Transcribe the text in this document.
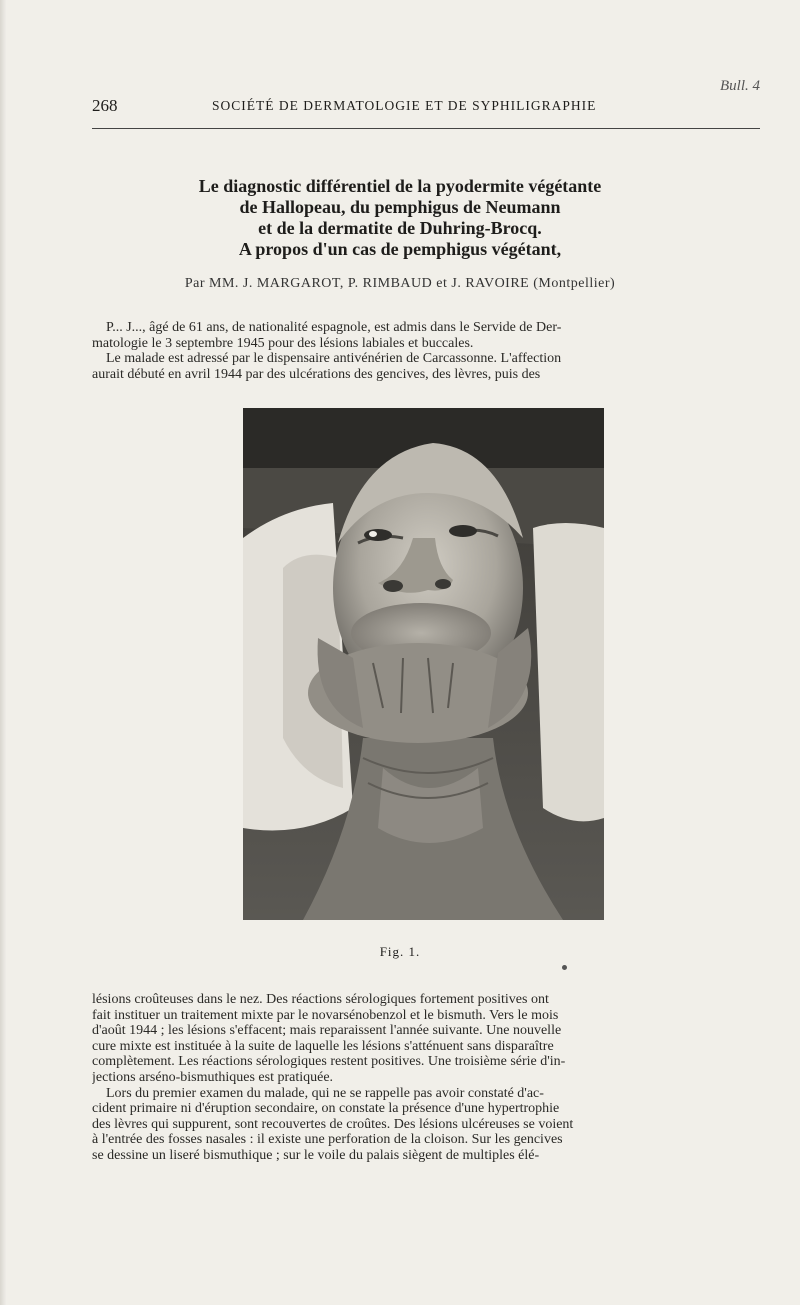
Bull. 4
268	SOCIÉTÉ DE DERMATOLOGIE ET DE SYPHILIGRAPHIE
Le diagnostic différentiel de la pyodermite végétante
de Hallopeau, du pemphigus de Neumann
et de la dermatite de Duhring-Brocq.
A propos d'un cas de pemphigus végétant,
Par MM. J. MARGAROT, P. RIMBAUD et J. RAVOIRE (Montpellier)
P... J..., âgé de 61 ans, de nationalité espagnole, est admis dans le Servide de Der-
matologie le 3 septembre 1945 pour des lésions labiales et buccales.
Le malade est adressé par le dispensaire antivénérien de Carcassonne. L'affection
aurait débuté en avril 1944 par des ulcérations des gencives, des lèvres, puis des
Fig. 1.
lésions croûteuses dans le nez. Des réactions sérologiques fortement positives ont
fait instituer un traitement mixte par le novarsénobenzol et le bismuth. Vers le mois
d'août 1944 ; les lésions s'effacent; mais reparaissent l'année suivante. Une nouvelle
cure mixte est instituée à la suite de laquelle les lésions s'atténuent sans disparaître
complètement. Les réactions sérologiques restent positives. Une troisième série d'in-
jections arséno-bismuthiques est pratiquée.
Lors du premier examen du malade, qui ne se rappelle pas avoir constaté d'ac-
cident primaire ni d'éruption secondaire, on constate la présence d'une hypertrophie
des lèvres qui suppurent, sont recouvertes de croûtes. Des lésions ulcéreuses se voient
à l'entrée des fosses nasales : il existe une perforation de la cloison. Sur les gencives
se dessine un liseré bismuthique ; sur le voile du palais siègent de multiples élé-
